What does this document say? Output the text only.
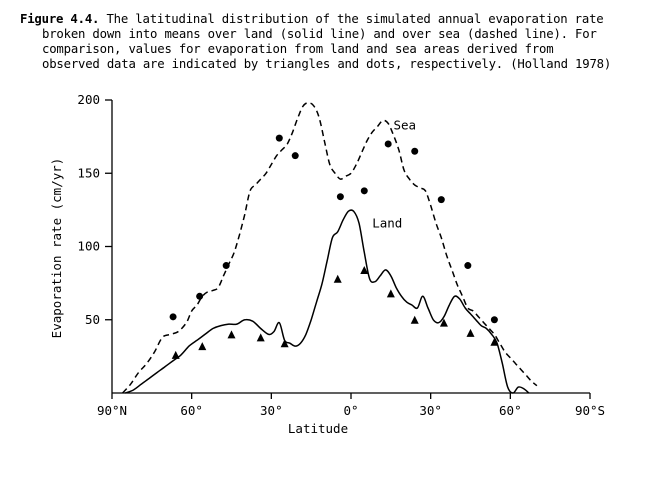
Figure 4.4. The latitudinal distribution of the simulated annual evaporation rate
broken down into means over land (solid line) and over sea (dashed line). For
comparison, values for evaporation from land and sea areas derived from
observed data are indicated by triangles and dots, respectively. (Holland 1978)
90°N	60°	30°	0°	30°	60°	90°S
50
100
150
200
Sea
Land
Latitude
Evaporation rate (cm/yr)
